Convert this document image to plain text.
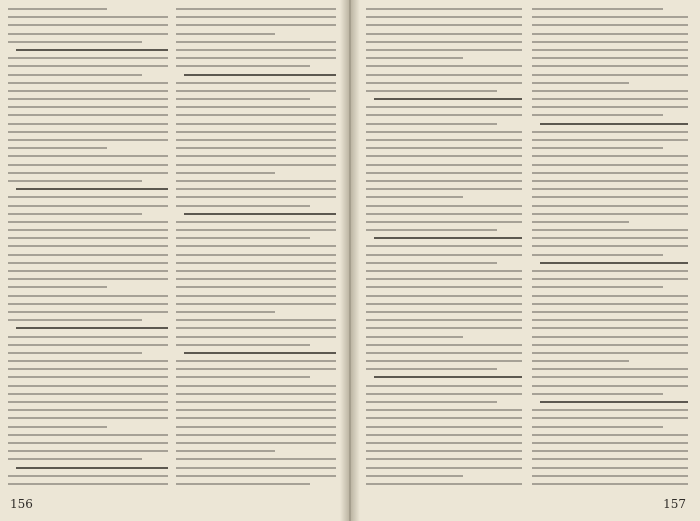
156	157
